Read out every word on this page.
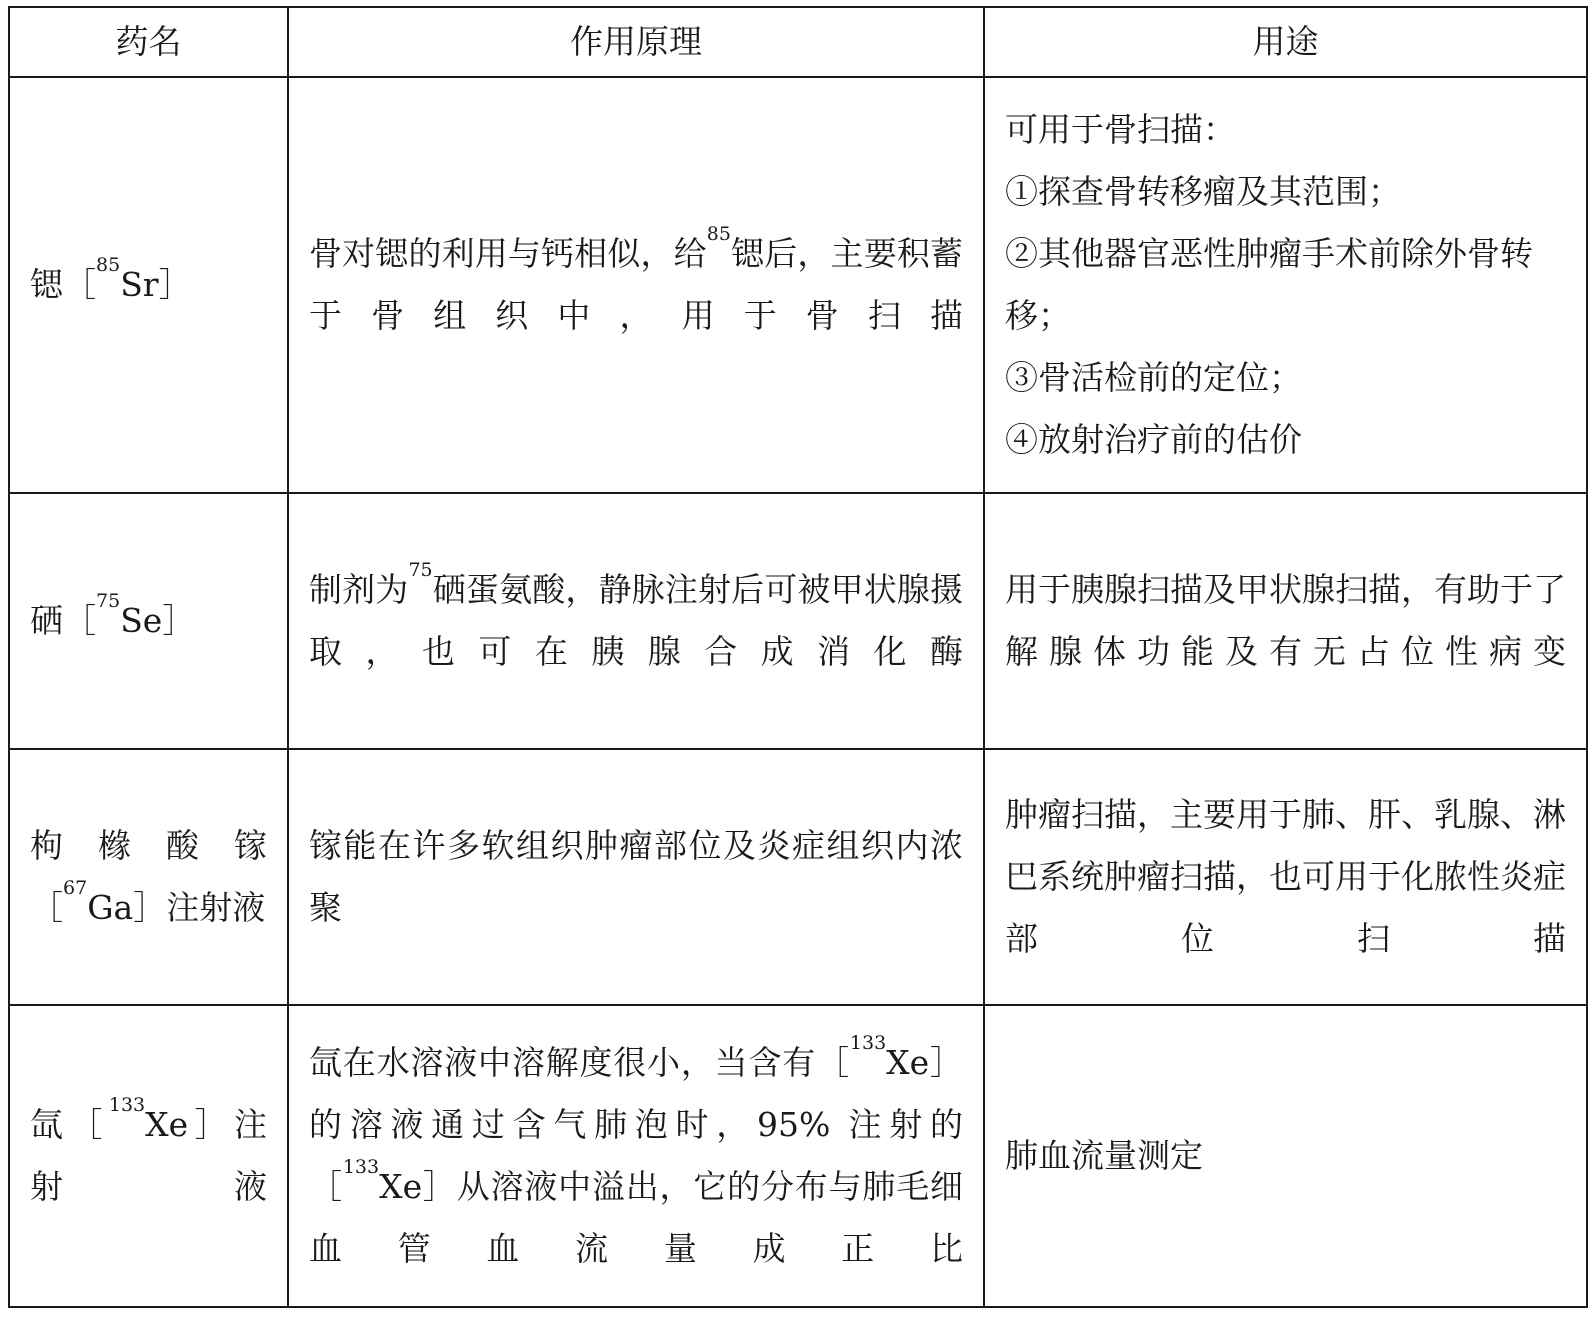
药名	作用原理	用途
锶［$^{85}$Sr］	骨对锶的利用与钙相似，给$^{85}$锶后，主要积蓄于骨组织中，用于骨扫描	可用于骨扫描：
①探查骨转移瘤及其范围；
②其他器官恶性肿瘤手术前除外骨转移；
③骨活检前的定位；
④放射治疗前的估价

硒［$^{75}$Se］	制剂为$^{75}$硒蛋氨酸，静脉注射后可被甲状腺摄取，也可在胰腺合成消化酶	用于胰腺扫描及甲状腺扫描，有助于了解腺体功能及有无占位性病变

枸橼酸镓
［$^{67}$Ga］注射液	镓能在许多软组织肿瘤部位及炎症组织内浓聚	肿瘤扫描，主要用于肺、肝、乳腺、淋巴系统肿瘤扫描，也可用于化脓性炎症部位扫描
氙［$^{133}$Xe］注射液	氙在水溶液中溶解度很小，当含有［$^{133}$Xe］的溶液通过含气肺泡时，95% 注射的［$^{133}$Xe］从溶液中溢出，它的分布与肺毛细血管血流量成正比	肺血流量测定
